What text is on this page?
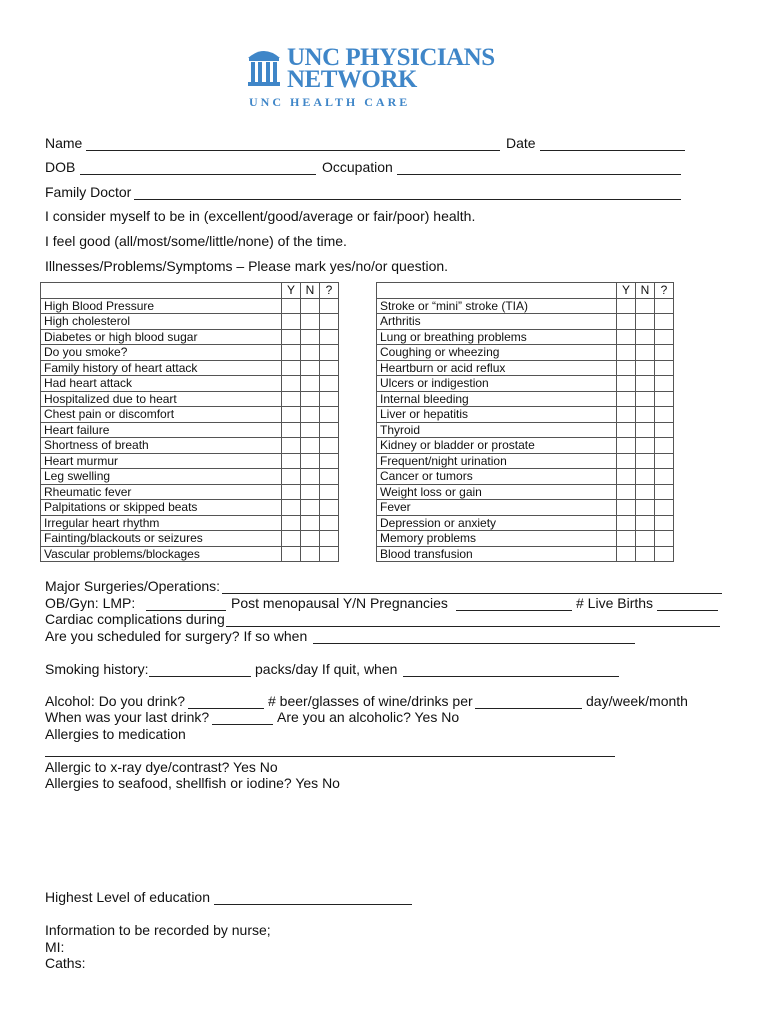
UNC PHYSICIANS
NETWORK
UNC HEALTH CARE
Name	Date
DOB	Occupation
Family Doctor
I consider myself to be in (excellent/good/average or fair/poor) health.
I feel good (all/most/some/little/none) of the time.
Illnesses/Problems/Symptoms – Please mark yes/no/or question.
	Y	N	?
High Blood Pressure			
High cholesterol			
Diabetes or high blood sugar			
Do you smoke?			
Family history of heart attack			
Had heart attack			
Hospitalized due to heart			
Chest pain or discomfort			
Heart failure			
Shortness of breath			
Heart murmur			
Leg swelling			
Rheumatic fever			
Palpitations or skipped beats			
Irregular heart rhythm			
Fainting/blackouts or seizures			
Vascular problems/blockages			
	Y	N	?
Stroke or “mini” stroke (TIA)			
Arthritis			
Lung or breathing problems			
Coughing or wheezing			
Heartburn or acid reflux			
Ulcers or indigestion			
Internal bleeding			
Liver or hepatitis			
Thyroid			
Kidney or bladder or prostate			
Frequent/night urination			
Cancer or tumors			
Weight loss or gain			
Fever			
Depression or anxiety			
Memory problems			
Blood transfusion			
Major Surgeries/Operations:
OB/Gyn: LMP:	Post menopausal Y/N Pregnancies	# Live Births
Cardiac complications during
Are you scheduled for surgery? If so when
Smoking history:	packs/day If quit, when
Alcohol: Do you drink?	# beer/glasses of wine/drinks per	day/week/month
When was your last drink?	Are you an alcoholic? Yes No
Allergies to medication
Allergic to x-ray dye/contrast? Yes No
Allergies to seafood, shellfish or iodine? Yes No
Highest Level of education
Information to be recorded by nurse;
MI:
Caths:
